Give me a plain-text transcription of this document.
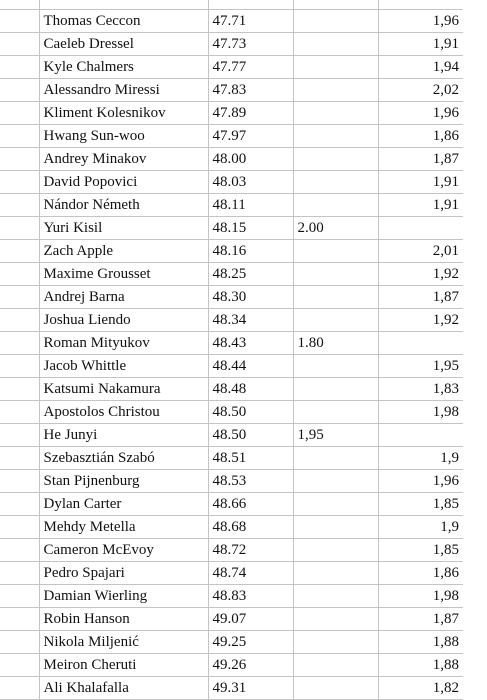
	Thomas Ceccon	47.71		1,96
	Caeleb Dressel	47.73		1,91
	Kyle Chalmers	47.77		1,94
	Alessandro Miressi	47.83		2,02
	Kliment Kolesnikov	47.89		1,96
	Hwang Sun-woo	47.97		1,86
	Andrey Minakov	48.00		1,87
	David Popovici	48.03		1,91
	Nándor Németh	48.11		1,91
	Yuri Kisil	48.15	2.00	
	Zach Apple	48.16		2,01
	Maxime Grousset	48.25		1,92
	Andrej Barna	48.30		1,87
	Joshua Liendo	48.34		1,92
	Roman Mityukov	48.43	1.80	
	Jacob Whittle	48.44		1,95
	Katsumi Nakamura	48.48		1,83
	Apostolos Christou	48.50		1,98
	He Junyi	48.50	1,95	
	Szebasztián Szabó	48.51		1,9
	Stan Pijnenburg	48.53		1,96
	Dylan Carter	48.66		1,85
	Mehdy Metella	48.68		1,9
	Cameron McEvoy	48.72		1,85
	Pedro Spajari	48.74		1,86
	Damian Wierling	48.83		1,98
	Robin Hanson	49.07		1,87
	Nikola Miljenić	49.25		1,88
	Meiron Cheruti	49.26		1,88
	Ali Khalafalla	49.31		1,82
